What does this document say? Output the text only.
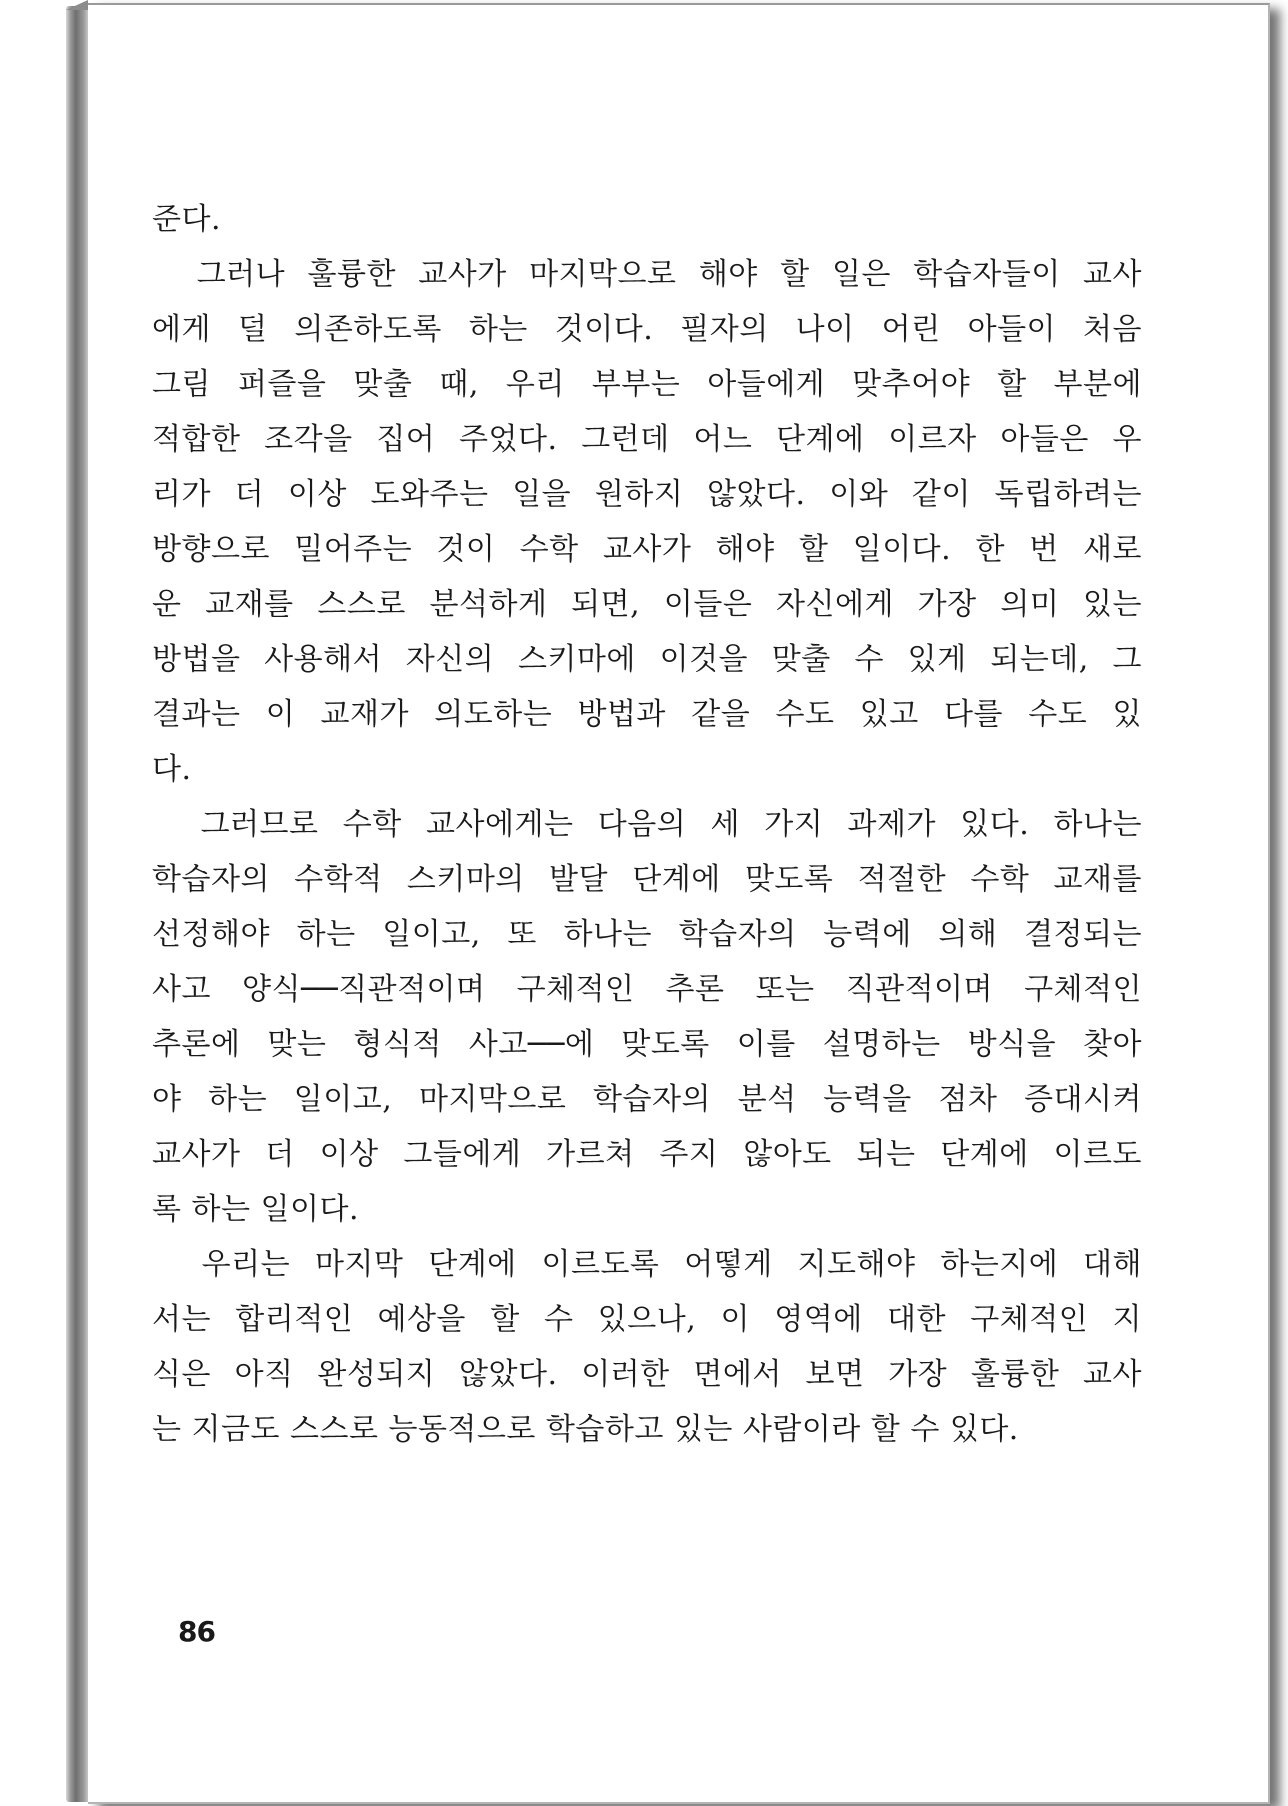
준다.
그러나 훌륭한 교사가 마지막으로 해야 할 일은 학습자들이 교사
에게 덜 의존하도록 하는 것이다. 필자의 나이 어린 아들이 처음
그림 퍼즐을 맞출 때, 우리 부부는 아들에게 맞추어야 할 부분에
적합한 조각을 집어 주었다. 그런데 어느 단계에 이르자 아들은 우
리가 더 이상 도와주는 일을 원하지 않았다. 이와 같이 독립하려는
방향으로 밀어주는 것이 수학 교사가 해야 할 일이다. 한 번 새로
운 교재를 스스로 분석하게 되면, 이들은 자신에게 가장 의미 있는
방법을 사용해서 자신의 스키마에 이것을 맞출 수 있게 되는데, 그
결과는 이 교재가 의도하는 방법과 같을 수도 있고 다를 수도 있
다.
그러므로 수학 교사에게는 다음의 세 가지 과제가 있다. 하나는
학습자의 수학적 스키마의 발달 단계에 맞도록 적절한 수학 교재를
선정해야 하는 일이고, 또 하나는 학습자의 능력에 의해 결정되는
사고 양식──직관적이며 구체적인 추론 또는 직관적이며 구체적인
추론에 맞는 형식적 사고──에 맞도록 이를 설명하는 방식을 찾아
야 하는 일이고, 마지막으로 학습자의 분석 능력을 점차 증대시켜
교사가 더 이상 그들에게 가르쳐 주지 않아도 되는 단계에 이르도
록 하는 일이다.
우리는 마지막 단계에 이르도록 어떻게 지도해야 하는지에 대해
서는 합리적인 예상을 할 수 있으나, 이 영역에 대한 구체적인 지
식은 아직 완성되지 않았다. 이러한 면에서 보면 가장 훌륭한 교사
는 지금도 스스로 능동적으로 학습하고 있는 사람이라 할 수 있다.
86
